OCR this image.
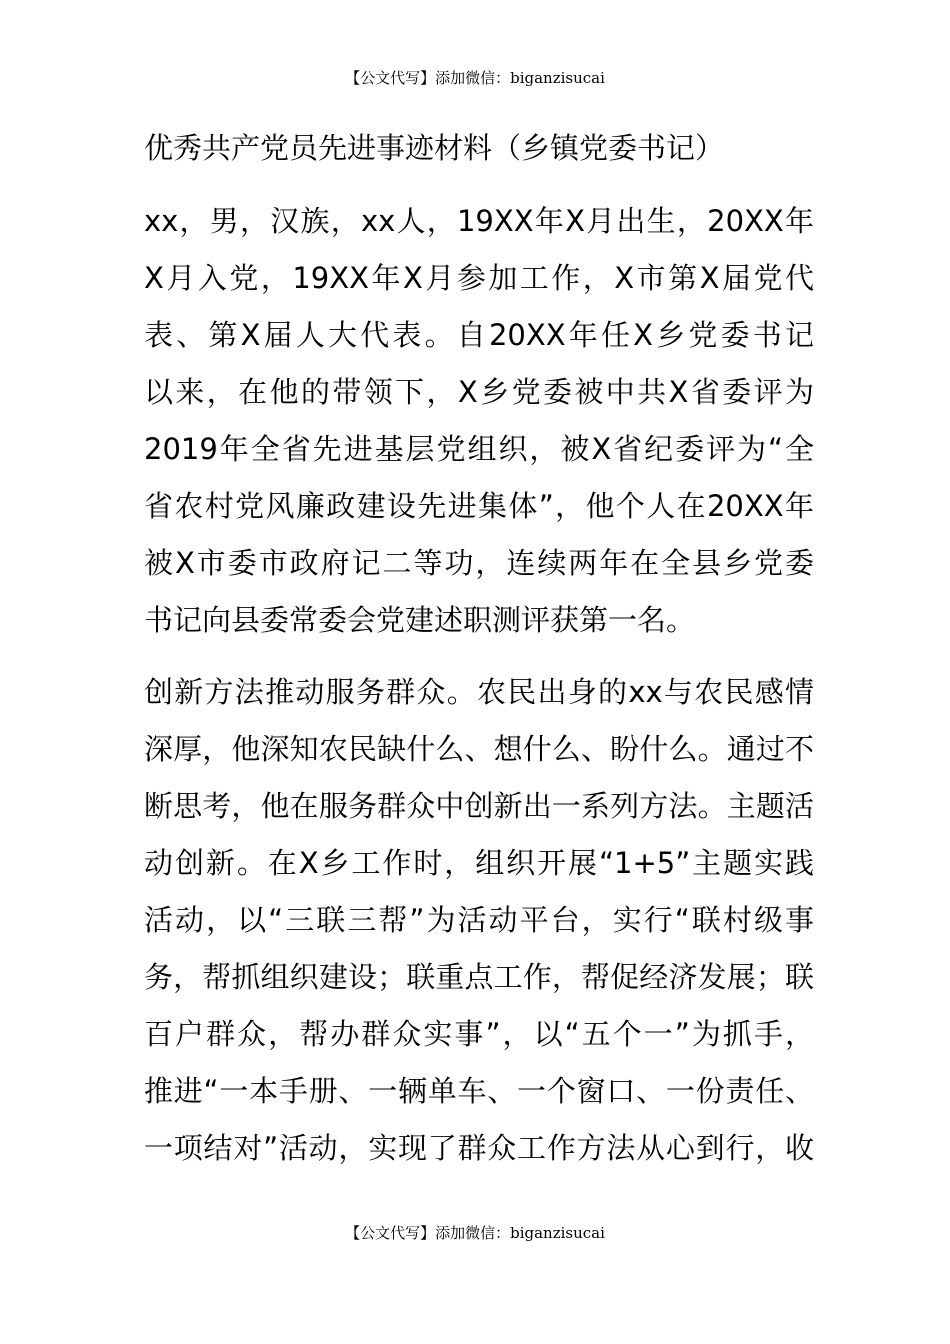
【公文代写】添加微信：biganzisucai
优秀共产党员先进事迹材料（乡镇党委书记）
xx，男，汉族，xx人，19XX年X月出生，20XX年
X月入党，19XX年X月参加工作，X市第X届党代
表、第X届人大代表。自20XX年任X乡党委书记
以来，在他的带领下，X乡党委被中共X省委评为
2019年全省先进基层党组织，被X省纪委评为“全
省农村党风廉政建设先进集体”，他个人在20XX年
被X市委市政府记二等功，连续两年在全县乡党委
书记向县委常委会党建述职测评获第一名。
创新方法推动服务群众。农民出身的xx与农民感情
深厚，他深知农民缺什么、想什么、盼什么。通过不
断思考，他在服务群众中创新出一系列方法。主题活
动创新。在X乡工作时，组织开展“1+5”主题实践
活动，以“三联三帮”为活动平台，实行“联村级事
务，帮抓组织建设；联重点工作，帮促经济发展；联
百户群众，帮办群众实事”，以“五个一”为抓手，
推进“一本手册、一辆单车、一个窗口、一份责任、
一项结对”活动，实现了群众工作方法从心到行，收
【公文代写】添加微信：biganzisucai
